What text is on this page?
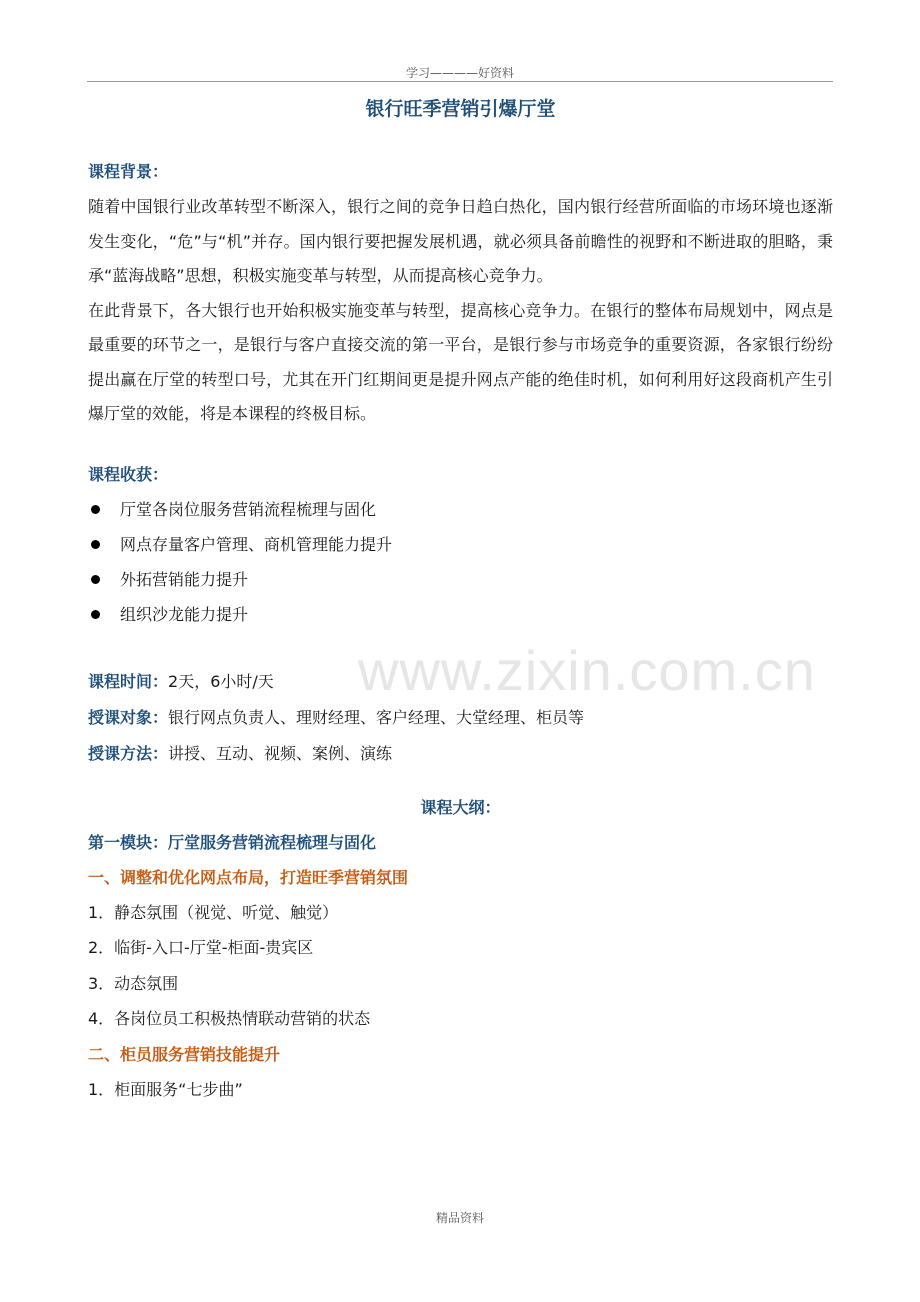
学习————好资料
www.zixin.com.cn
银行旺季营销引爆厅堂
课程背景：
随着中国银行业改革转型不断深入，银行之间的竞争日趋白热化，国内银行经营所面临的市场环境也逐渐发生变化，“危”与“机”并存。国内银行要把握发展机遇，就必须具备前瞻性的视野和不断进取的胆略，秉承“蓝海战略”思想，积极实施变革与转型，从而提高核心竞争力。
在此背景下，各大银行也开始积极实施变革与转型，提高核心竞争力。在银行的整体布局规划中，网点是最重要的环节之一，是银行与客户直接交流的第一平台，是银行参与市场竞争的重要资源，各家银行纷纷提出赢在厅堂的转型口号，尤其在开门红期间更是提升网点产能的绝佳时机，如何利用好这段商机产生引爆厅堂的效能，将是本课程的终极目标。
课程收获：
厅堂各岗位服务营销流程梳理与固化
网点存量客户管理、商机管理能力提升
外拓营销能力提升
组织沙龙能力提升
课程时间：2天，6小时/天
授课对象：银行网点负责人、理财经理、客户经理、大堂经理、柜员等
授课方法：讲授、互动、视频、案例、演练
课程大纲：
第一模块：厅堂服务营销流程梳理与固化
一、调整和优化网点布局，打造旺季营销氛围
1．静态氛围（视觉、听觉、触觉）
2．临街-入口-厅堂-柜面-贵宾区
3．动态氛围
4．各岗位员工积极热情联动营销的状态
二、柜员服务营销技能提升
1．柜面服务“七步曲”
精品资料
